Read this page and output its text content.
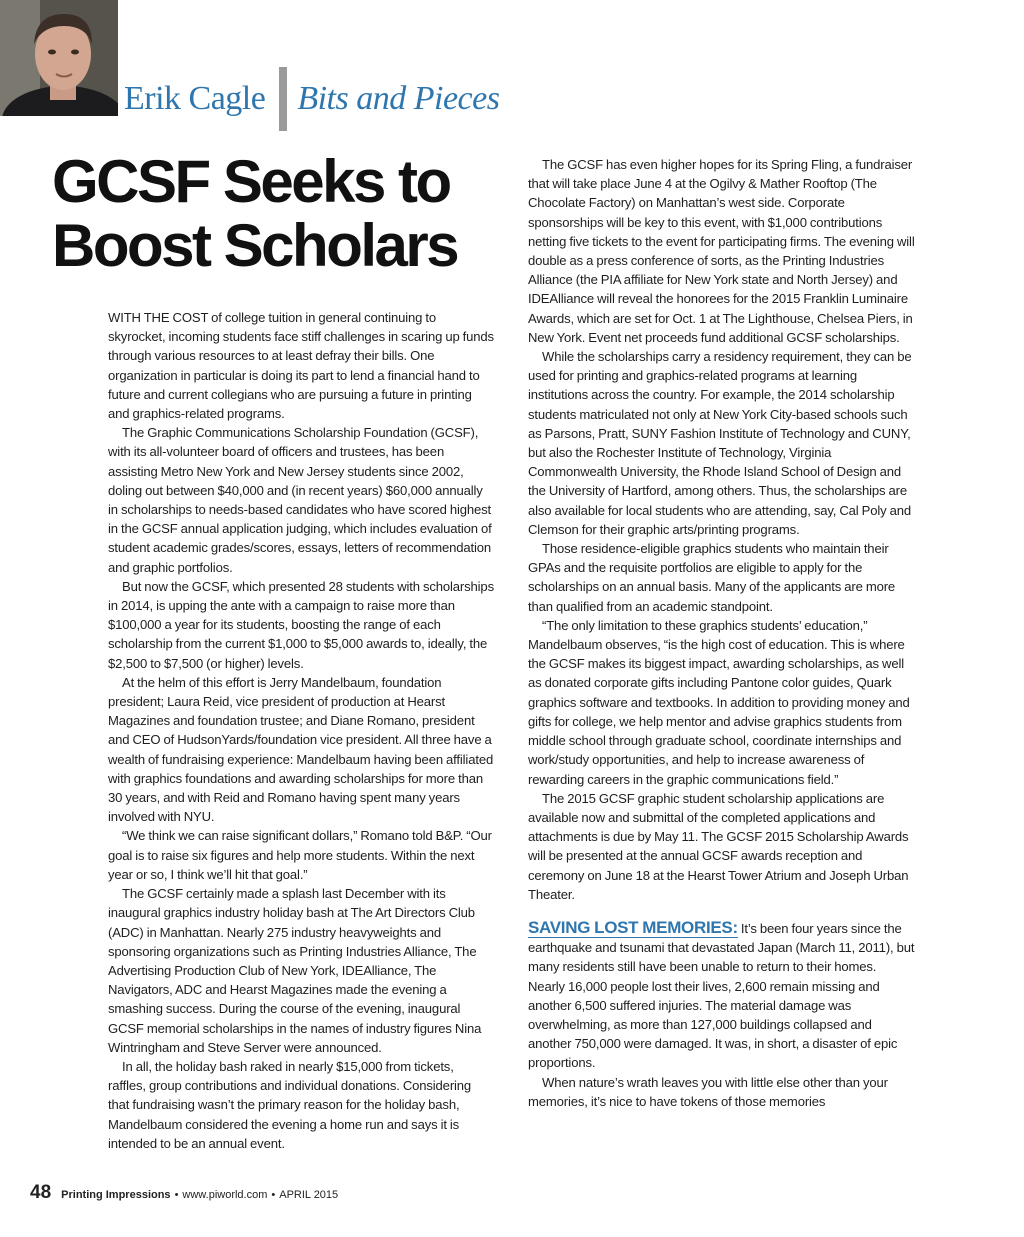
Erik Cagle Bits and Pieces
GCSF Seeks to
Boost Scholars

WITH THE COST of college tuition in general continuing to skyrocket, incoming students face stiff challenges in scaring up funds through various resources to at least defray their bills. One organization in particular is doing its part to lend a financial hand to future and current collegians who are pursuing a future in printing and graphics-related programs.

The Graphic Communications Scholarship Foundation (GCSF), with its all-volunteer board of officers and trustees, has been assisting Metro New York and New Jersey students since 2002, doling out between $40,000 and (in recent years) $60,000 annually in scholarships to needs-based candidates who have scored highest in the GCSF annual application judging, which includes evaluation of student academic grades/scores, essays, letters of recommendation and graphic portfolios.

But now the GCSF, which presented 28 students with scholarships in 2014, is upping the ante with a campaign to raise more than $100,000 a year for its students, boosting the range of each scholarship from the current $1,000 to $5,000 awards to, ideally, the $2,500 to $7,500 (or higher) levels.

At the helm of this effort is Jerry Mandelbaum, foundation president; Laura Reid, vice president of production at Hearst Magazines and foundation trustee; and Diane Romano, president and CEO of HudsonYards/foundation vice president. All three have a wealth of fundraising experience: Mandelbaum having been affiliated with graphics foundations and awarding scholarships for more than 30 years, and with Reid and Romano having spent many years involved with NYU.

“We think we can raise significant dollars,” Romano told B&P. “Our goal is to raise six figures and help more students. Within the next year or so, I think we’ll hit that goal.”

The GCSF certainly made a splash last December with its inaugural graphics industry holiday bash at The Art Directors Club (ADC) in Manhattan. Nearly 275 industry heavyweights and sponsoring organizations such as Printing Industries Alliance, The Advertising Production Club of New York, IDEAlliance, The Navigators, ADC and Hearst Magazines made the evening a smashing success. During the course of the evening, inaugural GCSF memorial scholarships in the names of industry figures Nina Wintringham and Steve Server were announced.

In all, the holiday bash raked in nearly $15,000 from tickets, raffles, group contributions and individual donations. Considering that fundraising wasn’t the primary reason for the holiday bash, Mandelbaum considered the evening a home run and says it is intended to be an annual event.

The GCSF has even higher hopes for its Spring Fling, a fundraiser that will take place June 4 at the Ogilvy & Mather Rooftop (The Chocolate Factory) on Manhattan’s west side. Corporate sponsorships will be key to this event, with $1,000 contributions netting five tickets to the event for participating firms. The evening will double as a press conference of sorts, as the Printing Industries Alliance (the PIA affiliate for New York state and North Jersey) and IDEAlliance will reveal the honorees for the 2015 Franklin Luminaire Awards, which are set for Oct. 1 at The Lighthouse, Chelsea Piers, in New York. Event net proceeds fund additional GCSF scholarships.

While the scholarships carry a residency requirement, they can be used for printing and graphics-related programs at learning institutions across the country. For example, the 2014 scholarship students matriculated not only at New York City-based schools such as Parsons, Pratt, SUNY Fashion Institute of Technology and CUNY, but also the Rochester Institute of Technology, Virginia Commonwealth University, the Rhode Island School of Design and the University of Hartford, among others. Thus, the scholarships are also available for local students who are attending, say, Cal Poly and Clemson for their graphic arts/printing programs.

Those residence-eligible graphics students who maintain their GPAs and the requisite portfolios are eligible to apply for the scholarships on an annual basis. Many of the applicants are more than qualified from an academic standpoint.

“The only limitation to these graphics students’ education,” Mandelbaum observes, “is the high cost of education. This is where the GCSF makes its biggest impact, awarding scholarships, as well as donated corporate gifts including Pantone color guides, Quark graphics software and textbooks. In addition to providing money and gifts for college, we help mentor and advise graphics students from middle school through graduate school, coordinate internships and work/study opportunities, and help to increase awareness of rewarding careers in the graphic communications field.”

The 2015 GCSF graphic student scholarship applications are available now and submittal of the completed applications and attachments is due by May 11. The GCSF 2015 Scholarship Awards will be presented at the annual GCSF awards reception and ceremony on June 18 at the Hearst Tower Atrium and Joseph Urban Theater.

SAVING LOST MEMORIES: It’s been four years since the earthquake and tsunami that devastated Japan (March 11, 2011), but many residents still have been unable to return to their homes. Nearly 16,000 people lost their lives, 2,600 remain missing and another 6,500 suffered injuries. The material damage was overwhelming, as more than 127,000 buildings collapsed and another 750,000 were damaged. It was, in short, a disaster of epic proportions.

When nature’s wrath leaves you with little else other than your memories, it’s nice to have tokens of those memories

48 Printing Impressions • www.piworld.com • APRIL 2015
